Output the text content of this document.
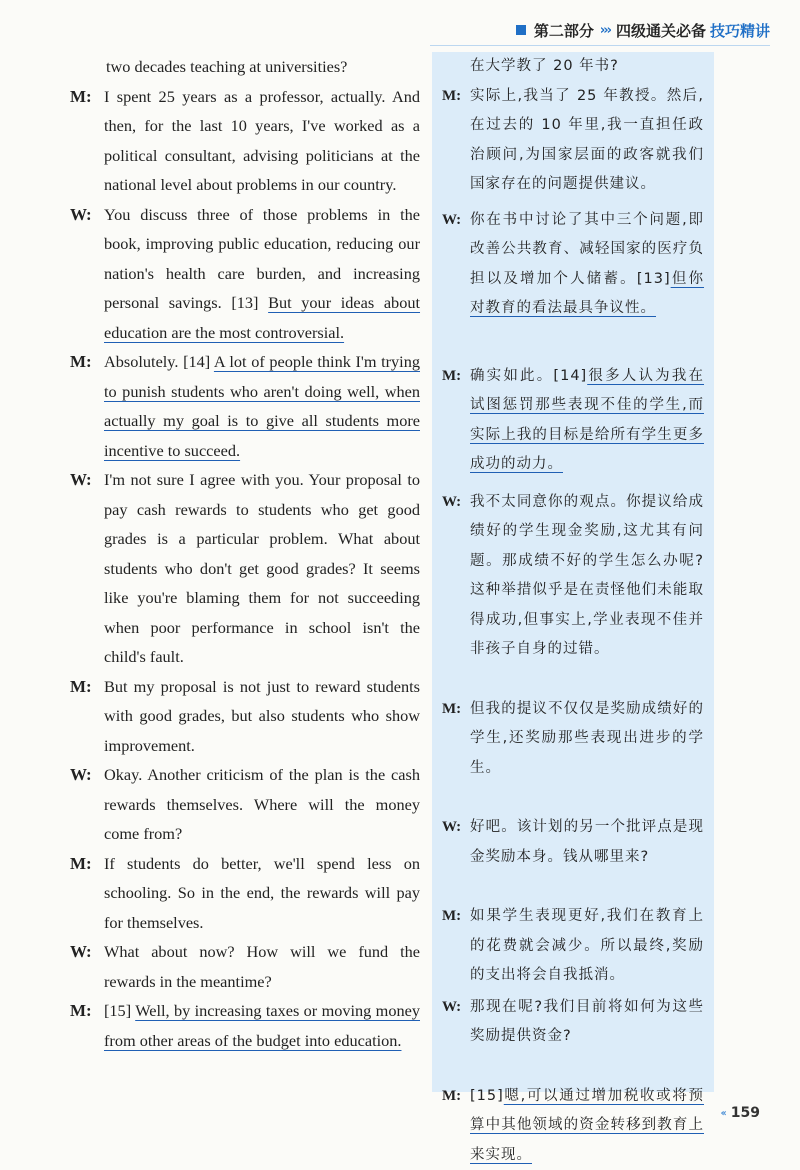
第二部分 ››› 四级通关必备 技巧精讲
two decades teaching at universities?
M: I spent 25 years as a professor, actually. And then, for the last 10 years, I've worked as a political consultant, advising politicians at the national level about problems in our country.
W: You discuss three of those problems in the book, improving public education, reducing our nation's health care burden, and increasing personal savings. [13] But your ideas about education are the most controversial.
M: Absolutely. [14] A lot of people think I'm trying to punish students who aren't doing well, when actually my goal is to give all students more incentive to succeed.
W: I'm not sure I agree with you. Your proposal to pay cash rewards to students who get good grades is a particular problem. What about students who don't get good grades? It seems like you're blaming them for not succeeding when poor performance in school isn't the child's fault.
M: But my proposal is not just to reward students with good grades, but also students who show improvement.
W: Okay. Another criticism of the plan is the cash rewards themselves. Where will the money come from?
M: If students do better, we'll spend less on schooling. So in the end, the rewards will pay for themselves.
W: What about now? How will we fund the rewards in the meantime?
M: [15] Well, by increasing taxes or moving money from other areas of the budget into education.
在大学教了 20 年书?
M: 实际上,我当了 25 年教授。然后,在过去的 10 年里,我一直担任政治顾问,为国家层面的政客就我们国家存在的问题提供建议。
W: 你在书中讨论了其中三个问题,即改善公共教育、减轻国家的医疗负担以及增加个人储蓄。[13]但你对教育的看法最具争议性。
M: 确实如此。[14]很多人认为我在试图惩罚那些表现不佳的学生,而实际上我的目标是给所有学生更多成功的动力。
W: 我不太同意你的观点。你提议给成绩好的学生现金奖励,这尤其有问题。那成绩不好的学生怎么办呢?这种举措似乎是在责怪他们未能取得成功,但事实上,学业表现不佳并非孩子自身的过错。
M: 但我的提议不仅仅是奖励成绩好的学生,还奖励那些表现出进步的学生。
W: 好吧。该计划的另一个批评点是现金奖励本身。钱从哪里来?
M: 如果学生表现更好,我们在教育上的花费就会减少。所以最终,奖励的支出将会自我抵消。
W: 那现在呢?我们目前将如何为这些奖励提供资金?
M: [15]嗯,可以通过增加税收或将预算中其他领域的资金转移到教育上来实现。
‹‹ 159
